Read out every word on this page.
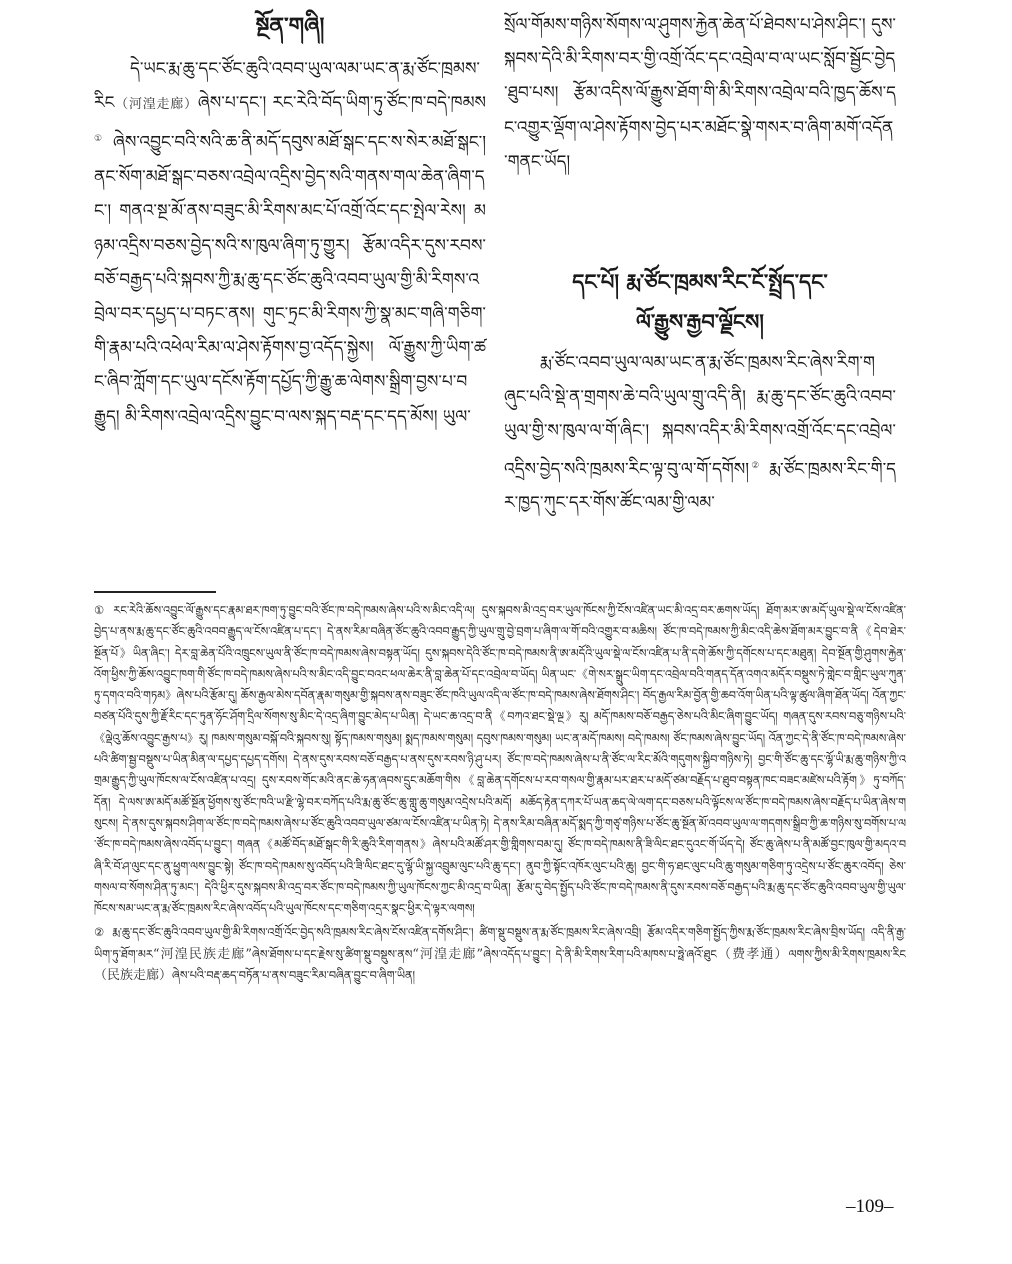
སྔོན་གཞི།

དེ་ཡང་རྨ་ཆུ་དང་ཙོང་ཆུའི་འབབ་ཡུལ་ལམ་ཡང་ན་རྨ་ཙོང་ཁྲམས་རིང（河湟走廊）ཞེས་པ་དང་། རང་རེའི་བོད་ཡིག་ཏུ་ཙོང་ཁ་བདེ་ཁམས①ཞེས་འབྱུང་བའི་སའི་ཆ་ནི་མདོ་དབུས་མཐོ་སྒང་དང་ས་སེར་མཐོ་སྒང་། ནང་སོག་མཐོ་སྒང་བཅས་འབྲེལ་འདྲིས་བྱེད་སའི་གནས་གལ་ཆེན་ཞིག་དང་། གནའ་སྔ་མོ་ནས་བཟུང་མི་རིགས་མང་པོ་འགྲོ་འོང་དང་སྤེལ་རེས། མཉམ་འདྲིས་བཅས་བྱེད་སའི་ས་ཁུལ་ཞིག་ཏུ་གྱུར། རྩོམ་འདིར་དུས་རབས་བཅོ་བརྒྱད་པའི་སྐབས་ཀྱི་རྨ་ཆུ་དང་ཙོང་ཆུའི་འབབ་ཡུལ་གྱི་མི་རིགས་འབྲེལ་བར་དཔྱད་པ་བཏང་ནས། གུང་ཏྲང་མི་རིགས་ཀྱི་སྣ་མང་གཞི་གཅིག་གི་རྣམ་པའི་འཕེལ་རིམ་ལ་ཤེས་རྟོགས་བྱ་འདོད་སྐྱེས། ལོ་རྒྱུས་ཀྱི་ཡིག་ཚང་ཞིབ་ཀློག་དང་ཡུལ་དངོས་རྟོག་དཔྱོད་ཀྱི་རྒྱུ་ཆ་ལེགས་སྒྲིག་བྱས་པ་བརྒྱུད། མི་རིགས་འབྲེལ་འདྲིས་བྱུང་བ་ལས་སྐད་བརྡ་དང་དད་མོས། ཡུལ་

སྲོལ་གོམས་གཉིས་སོགས་ལ་ཤུགས་རྐྱེན་ཆེན་པོ་ཐེབས་པ་ཤེས་ཤིང་། དུས་སྐབས་དེའི་མི་རིགས་བར་གྱི་འགྲོ་འོང་དང་འབྲེལ་བ་ལ་ཡང་སློབ་སྦྱོང་བྱེད་ཐུབ་པས། རྩོམ་འདིས་ལོ་རྒྱུས་ཐོག་གི་མི་རིགས་འབྲེལ་བའི་ཁྱད་ཆོས་དང་འགྱུར་ལྡོག་ལ་ཤེས་རྟོགས་བྱེད་པར་མཐོང་སྣེ་གསར་བ་ཞིག་མགོ་འདོན་གནང་ཡོད།

དང་པོ། རྨ་ཙོང་ཁྲམས་རིང་ངོ་སྤྲོད་དང་
ལོ་རྒྱུས་རྒྱབ་ལྗོངས།

རྨ་ཙོང་འབབ་ཡུལ་ལམ་ཡང་ན་རྨ་ཙོང་ཁྲམས་རིང་ཞེས་རིག་གཞུང་པའི་སྡེ་ན་གྲགས་ཆེ་བའི་ཡུལ་གྲུ་འདི་ནི། རྨ་ཆུ་དང་ཙོང་ཆུའི་འབབ་ཡུལ་གྱི་ས་ཁུལ་ལ་གོ་ཞིང་། སྐབས་འདིར་མི་རིགས་འགྲོ་འོང་དང་འབྲེལ་འདྲིས་བྱེད་སའི་ཁྲམས་རིང་ལྟ་བུ་ལ་གོ་དགོས།② རྨ་ཙོང་ཁྲམས་རིང་གི་དར་ཁྱད་ཀུང་དར་གོས་ཚོང་ལམ་གྱི་ལམ་

① རང་རེའི་ཆོས་འབྱུང་ལོ་རྒྱུས་དང་རྣམ་ཐར་ཁག་ཏུ་བྱུང་བའི་ཙོང་ཁ་བདེ་ཁམས་ཞེས་པའི་ས་མིང་འདི་ལ། དུས་སྐབས་མི་འདྲ་བར་ཡུལ་ཁོངས་ཀྱི་ངོས་འཛིན་ཡང་མི་འདྲ་བར་ཆགས་ཡོད། ཐོག་མར་ཨ་མདོ་ཡུལ་སྡེ་ལ་ངོས་འཛིན་བྱེད་པ་ནས་རྨ་ཆུ་དང་ཙོང་ཆུའི་འབབ་རྒྱུད་ལ་ངོས་འཛིན་པ་དང་། དེ་ནས་རིམ་བཞིན་ཙོང་ཆུའི་འབབ་རྒྱུད་ཀྱི་ཡུལ་གྲུ་བྱེ་བྲག་པ་ཞིག་ལ་གོ་བའི་འགྱུར་བ་མཆིས། ཙོང་ཁ་བདེ་ཁམས་ཀྱི་མིང་འདི་ཆེས་ཐོག་མར་བྱུང་བ་ནི《དེབ་ཐེར་སྔོན་པོ》ཡིན་ཞིང་། དེར་བླ་ཆེན་པོའི་འཁྲུངས་ཡུལ་ནི་ཙོང་ཁ་བདེ་ཁམས་ཞེས་བསྟན་ཡོད། དུས་སྐབས་དེའི་ཙོང་ཁ་བདེ་ཁམས་ནི་ཨ་མདོའི་ཡུལ་སྡེ་ལ་ངོས་འཛིན་པ་ནི་དགེ་ཆོས་ཀྱི་དགོངས་པ་དང་མཐུན། དེབ་སྔོན་གྱི་ཤུགས་རྐྱེན་འོག་ཕྱིས་ཀྱི་ཆོས་འབྱུང་ཁག་གི་ཙོང་ཁ་བདེ་ཁམས་ཞེས་པའི་ས་མིང་འདི་བྱུང་བའང་ཕལ་ཆེར་ནི་བླ་ཆེན་པོ་དང་འབྲེལ་བ་ཡོད། ཡིན་ཡང་《གེ་སར་སྒྲུང་ཡིག་དང་འབྲེལ་བའི་གནད་དོན་འགའ་མདོར་བསྡུས་ཏེ་གླེང་བ་གླིང་ཡུལ་ཀུན་ཏུ་དགའ་བའི་གཏམ》ཞེས་པའི་རྩོམ་དུ། ཆོས་རྒྱལ་མེས་དབོན་རྣམ་གསུམ་གྱི་སྐབས་ནས་བཟུང་ཙོང་ཁའི་ཡུལ་འདི་ལ་ཙོང་ཁ་བདེ་ཁམས་ཞེས་ཐོགས་ཤིང་། བོད་རྒྱལ་རིམ་བྱོན་གྱི་ཆབ་འོག་ཡིན་པའི་ལྟ་ཚུལ་ཞིག་ཐོན་ཡོད། འོན་ཀྱང་བཙན་པོའི་དུས་ཀྱི་རྗོ་རིང་དང་ཏུན་ཧོང་ཤོག་དྲིལ་སོགས་སུ་མིང་དེ་འདྲ་ཞིག་བྱུང་མེད་པ་ཡིན། དེ་ཡང་ཆ་འདྲ་བ་ནི《བཀའ་ཐང་སྡེ་ལྔ》རུ། མདོ་ཁམས་བཅོ་བརྒྱད་ཅེས་པའི་མིང་ཞིག་བྱུང་ཡོད། གཞན་དུས་རབས་བཅུ་གཉིས་པའི་《ལྡེའུ་ཆོས་འབྱུང་རྒྱས་པ》རུ། ཁམས་གསུམ་བསྐོ་བའི་སྐབས་སུ། སྟོད་ཁམས་གསུམ། སྨད་ཁམས་གསུམ། དབུས་ཁམས་གསུམ། ཡང་ན་མདོ་ཁམས། བདེ་ཁམས། ཙོང་ཁམས་ཞེས་བྱུང་ཡོད། འོན་ཀྱང་དེ་ནི་ཙོང་ཁ་བདེ་ཁམས་ཞེས་པའི་ཚིག་སྦྱ་བསྡུས་པ་ཡིན་མིན་ལ་དཔྱད་དཔྱད་དགོས། དེ་ནས་དུས་རབས་བཅོ་བརྒྱད་པ་ནས་དུས་རབས་ཉི་ཤུ་པར། ཙོང་ཁ་བདེ་ཁམས་ཞེས་པ་ནི་ཙོང་ལ་རིང་མོའི་གདུགས་སྐྱིབ་གཉིས་ཏེ། བྱང་གི་ཙོང་ཆུ་དང་ལྷོ་ཡི་རྨ་ཆུ་གཉིས་ཀྱི་འགྲམ་རྒྱུད་ཀྱི་ཡུལ་ཁོངས་ལ་ངོས་འཛིན་པ་འདྲ། དུས་རབས་གོང་མའི་ནང་ཆེ་ཧན་ཞབས་དྲུང་མཆོག་གིས《བླ་ཆེན་དགོངས་པ་རབ་གསལ་གྱི་རྣམ་པར་ཐར་པ་མདོ་ཙམ་བརྗོད་པ་ཐུབ་བསྟན་ཁང་བཟང་མཛེས་པའི་རྟོག》ཏུ་བཀོད་དོན། དེ་ལས་ཨ་མདོ་མཚོ་སྔོན་ཕྱོགས་སུ་ཙོང་ཁའི་ཡ་རྫི་ལྷེ་བར་བཀོད་པའི་རྨ་ཆུ་ཙོང་ཆུ་གླུ་ཆུ་གསུམ་འདྲེས་པའི་མདོ། མཆོད་རྟེན་དཀར་པོ་ཡན་ཆད་ལེ་ལག་དང་བཅས་པའི་ལྟོངས་ལ་ཙོང་ཁ་བདེ་ཁམས་ཞེས་བརྗོད་པ་ཡིན་ཞེས་གསུངས། དེ་ནས་དུས་སྐབས་ཤིག་ལ་ཙོང་ཁ་བདེ་ཁམས་ཞེས་པ་ཙོང་ཆུའི་འབབ་ཡུལ་ཙམ་ལ་ངོས་འཛིན་པ་ཡིན་ཏེ། དེ་ནས་རིམ་བཞིན་མདོ་སྨད་ཀྱི་གཙྭ་གཉིས་པ་ཙོང་ཆུ་སྔོན་མོ་འབབ་ཡུལ་ལ་གདགས་སྒྲིབ་ཀྱི་ཆ་གཉིས་སུ་བགོས་པ་ལ་ཙོང་ཁ་བདེ་ཁམས་ཞེས་འབོད་པ་བྱུང་། གཞན《མཚོ་བོད་མཐོ་སྒང་གི་རི་ཆུའི་རིག་གནས》ཞེས་པའི་མཚོ་ཤར་གྱི་གླིགས་བམ་དུ། ཙོང་ཁ་བདེ་ཁམས་ནི་ཟི་ལིང་ཐང་དུའང་གོ་ཡོད་དེ། ཙོང་ཆུ་ཞེས་པ་ནི་མཚོ་བྱང་ཁུལ་གྱི་མདའ་བཞི་རི་བོ་ཤ་ལུང་དང་ནུ་ཕྱུག་ལས་བྱུང་སྟེ། ཙོང་ཁ་བདེ་ཁམས་སུ་འབོད་པའི་ཟི་ལིང་ཐང་དུ་ལྷོ་ཡི་སྐྱ་འབྲུམ་ལུང་པའི་ཆུ་དང་། ནུབ་ཀྱི་སྟོང་འཁོར་ལུང་པའི་ཆུ། བྱང་གི་ཧ་ཐང་ལུང་པའི་ཆུ་གསུམ་གཅིག་ཏུ་འདྲེས་པ་ཙོང་ཆུར་འབོད། ཅེས་གསལ་བ་སོགས་ཤིན་ཏུ་མང་། དེའི་ཕྱིར་དུས་སྐབས་མི་འདྲ་བར་ཙོང་ཁ་བདེ་ཁམས་ཀྱི་ཡུལ་ཁོངས་ཀྱང་མི་འདྲ་བ་ཡིན། རྩོམ་དུ་བེད་སྤྱོད་པའི་ཙོང་ཁ་བདེ་ཁམས་ནི་དུས་རབས་བཅོ་བརྒྱད་པའི་རྨ་ཆུ་དང་ཙོང་ཆུའི་འབབ་ཡུལ་གྱི་ཡུལ་ཁོངས་སམ་ཡང་ན་རྨ་ཙོང་ཁྲམས་རིང་ཞེས་འབོད་པའི་ཡུལ་ཁོངས་དང་གཅིག་འདྲར་སྣང་ཕྱིར་དེ་ལྟར་ལགས།

② རྨ་ཆུ་དང་ཙོང་ཆུའི་འབབ་ཡུལ་གྱི་མི་རིགས་འགྲོ་འོང་བྱེད་སའི་ཁྲམས་རིང་ཞེས་ངོས་འཛིན་དགོས་ཤིང་། ཚིག་སྡུ་བསྡུས་ན་རྨ་ཙོང་ཁྲམས་རིང་ཞེས་འབྲི། རྩོམ་འདིར་གཅིག་སྤྱོད་ཀྱིས་རྨ་ཙོང་ཁྲམས་རིང་ཞེས་བྲིས་ཡོད། འདི་ནི་རྒྱ་ཡིག་ཏུ་ཐོག་མར“河湟民族走廊”ཞེས་ཐོགས་པ་དང་རྗེས་སུ་ཚིག་སྡུ་བསྡུས་ནས“河湟走廊”ཞེས་འདོད་པ་བྱུང་། དེ་ནི་མི་རིགས་རིག་པའི་མཁས་པ་ཧྥེ་ཞའོ་ཐུང（费孝通）ལགས་ཀྱིས་མི་རིགས་ཁྲམས་རིང（民族走廊）ཞེས་པའི་བརྡ་ཆད་བཏོན་པ་ནས་བཟུང་རིམ་བཞིན་བྱུང་བ་ཞིག་ཡིན།

–109–
